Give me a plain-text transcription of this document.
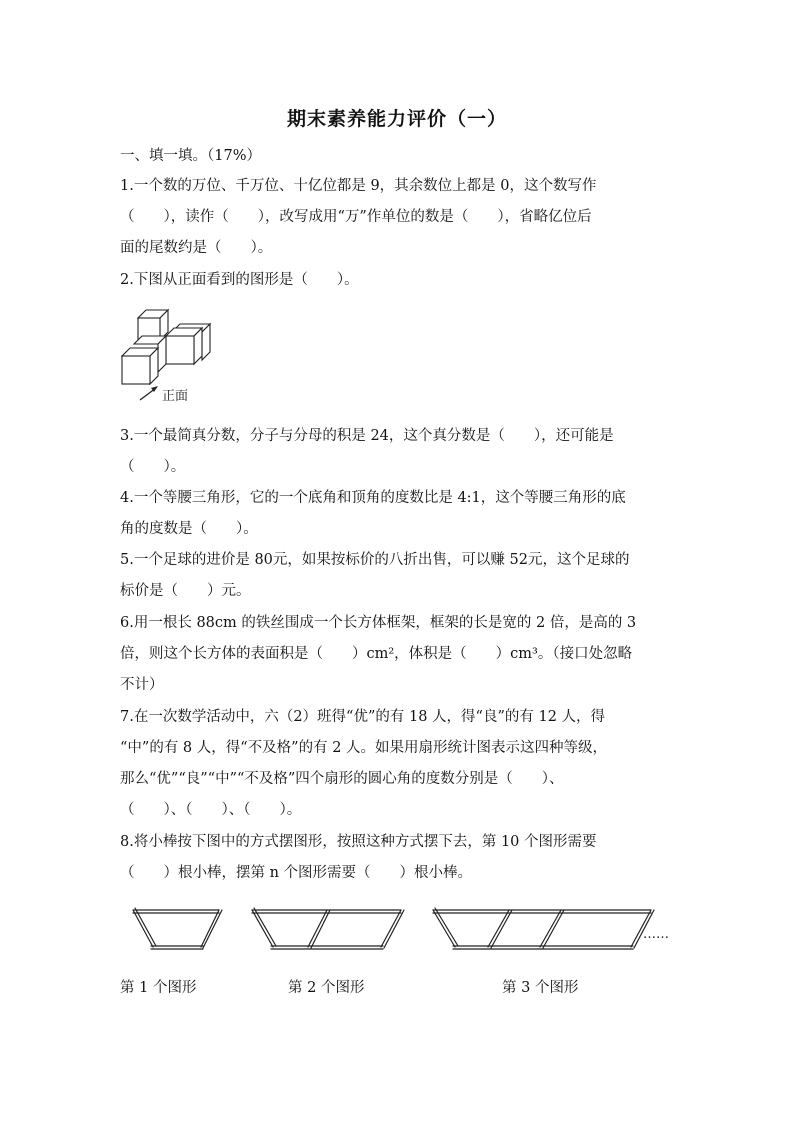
期末素养能力评价（一）
一、填一填。（17%）
1.一个数的万位、千万位、十亿位都是 9，其余数位上都是 0，这个数写作
（　　），读作（　　），改写成用“万”作单位的数是（　　），省略亿位后
面的尾数约是（　　）。
2.下图从正面看到的图形是（　　）。
正面
3.一个最简真分数，分子与分母的积是 24，这个真分数是（　　），还可能是
（　　）。
4.一个等腰三角形，它的一个底角和顶角的度数比是 4:1，这个等腰三角形的底
角的度数是（　　）。
5.一个足球的进价是 80元，如果按标价的八折出售，可以赚 52元，这个足球的
标价是（　　）元。
6.用一根长 88cm 的铁丝围成一个长方体框架，框架的长是宽的 2 倍，是高的 3
倍，则这个长方体的表面积是（　　）cm²，体积是（　　）cm³。（接口处忽略
不计）
7.在一次数学活动中，六（2）班得“优”的有 18 人，得“良”的有 12 人，得
“中”的有 8 人，得“不及格”的有 2 人。如果用扇形统计图表示这四种等级，
那么“优”“良”“中”“不及格”四个扇形的圆心角的度数分别是（　　）、
（　　）、（　　）、（　　）。
8.将小棒按下图中的方式摆图形，按照这种方式摆下去，第 10 个图形需要
（　　）根小棒，摆第 n 个图形需要（　　）根小棒。
……
第 1 个图形	第 2 个图形	第 3 个图形
